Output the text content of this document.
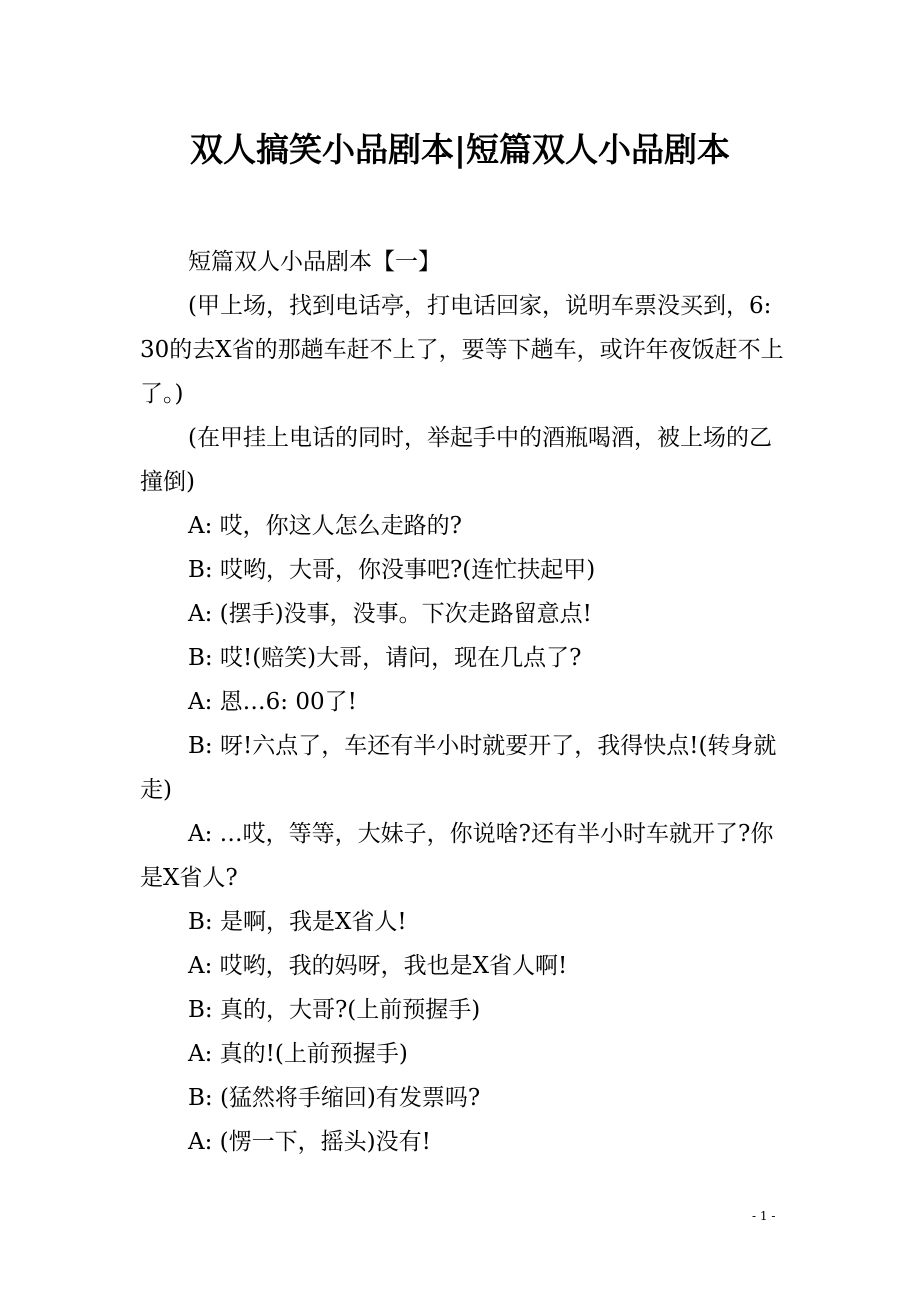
双人搞笑小品剧本|短篇双人小品剧本

短篇双人小品剧本【一】

(甲上场，找到电话亭，打电话回家，说明车票没买到，6: 30的去X省的那趟车赶不上了，要等下趟车，或许年夜饭赶不上了。)

(在甲挂上电话的同时，举起手中的酒瓶喝酒，被上场的乙撞倒)

A: 哎，你这人怎么走路的?

B: 哎哟，大哥，你没事吧?(连忙扶起甲)

A: (摆手)没事，没事。下次走路留意点!

B: 哎!(赔笑)大哥，请问，现在几点了?

A: 恩…6: 00了!

B: 呀!六点了，车还有半小时就要开了，我得快点!(转身就走)

A: …哎，等等，大妹子，你说啥?还有半小时车就开了?你是X省人?

B: 是啊，我是X省人!

A: 哎哟，我的妈呀，我也是X省人啊!

B: 真的，大哥?(上前预握手)

A: 真的!(上前预握手)

B: (猛然将手缩回)有发票吗?

A: (愣一下，摇头)没有!

- 1 -
